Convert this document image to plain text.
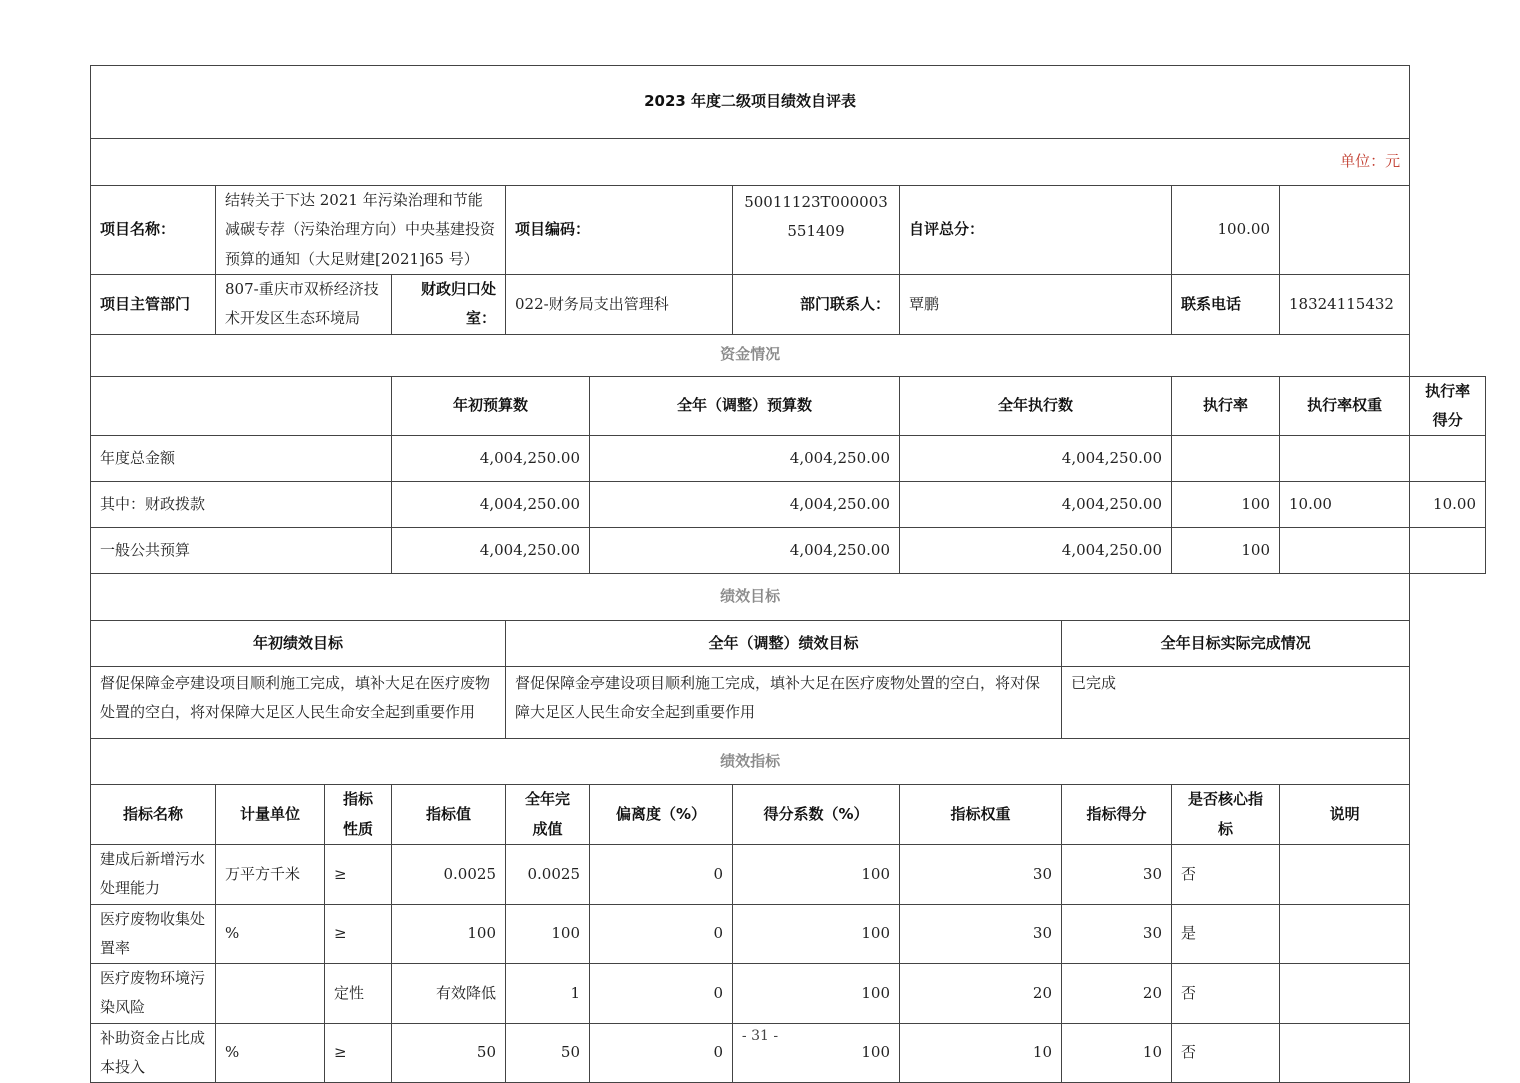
2023 年度二级项目绩效自评表											
单位：元											
项目名称：	结转关于下达 2021 年污染治理和节能减碳专荐（污染治理方向）中央基建投资预算的通知（大足财建[2021]65 号）			项目编码：		50011123T000003551409	自评总分：		100.00		
项目主管部门	807-重庆市双桥经济技术开发区生态环境局		财政归口处室：	022-财务局支出管理科		部门联系人：	覃鹏		联系电话	18324115432	
资金情况											
			年初预算数		全年（调整）预算数		全年执行数		执行率	执行率权重	执行率得分
年度总金额			4,004,250.00		4,004,250.00		4,004,250.00				
其中：财政拨款			4,004,250.00		4,004,250.00		4,004,250.00		100	10.00	10.00
一般公共预算			4,004,250.00		4,004,250.00		4,004,250.00		100		
绩效目标											
年初绩效目标				全年（调整）绩效目标				全年目标实际完成情况			
督促保障金亭建设项目顺利施工完成，填补大足在医疗废物处置的空白，将对保障大足区人民生命安全起到重要作用				督促保障金亭建设项目顺利施工完成，填补大足在医疗废物处置的空白，将对保障大足区人民生命安全起到重要作用				已完成			
绩效指标											
指标名称	计量单位	指标性质	指标值	全年完成值	偏离度（%）	得分系数（%）	指标权重	指标得分	是否核心指标	说明	
建成后新增污水处理能力	万平方千米	≥	0.0025	0.0025	0	100	30	30	否		
医疗废物收集处置率	%	≥	100	100	0	100	30	30	是		
医疗废物环境污染风险		定性	有效降低	1	0	100	20	20	否		
补助资金占比成本投入	%	≥	50	50	0	100	10	10	否		
- 31 -
